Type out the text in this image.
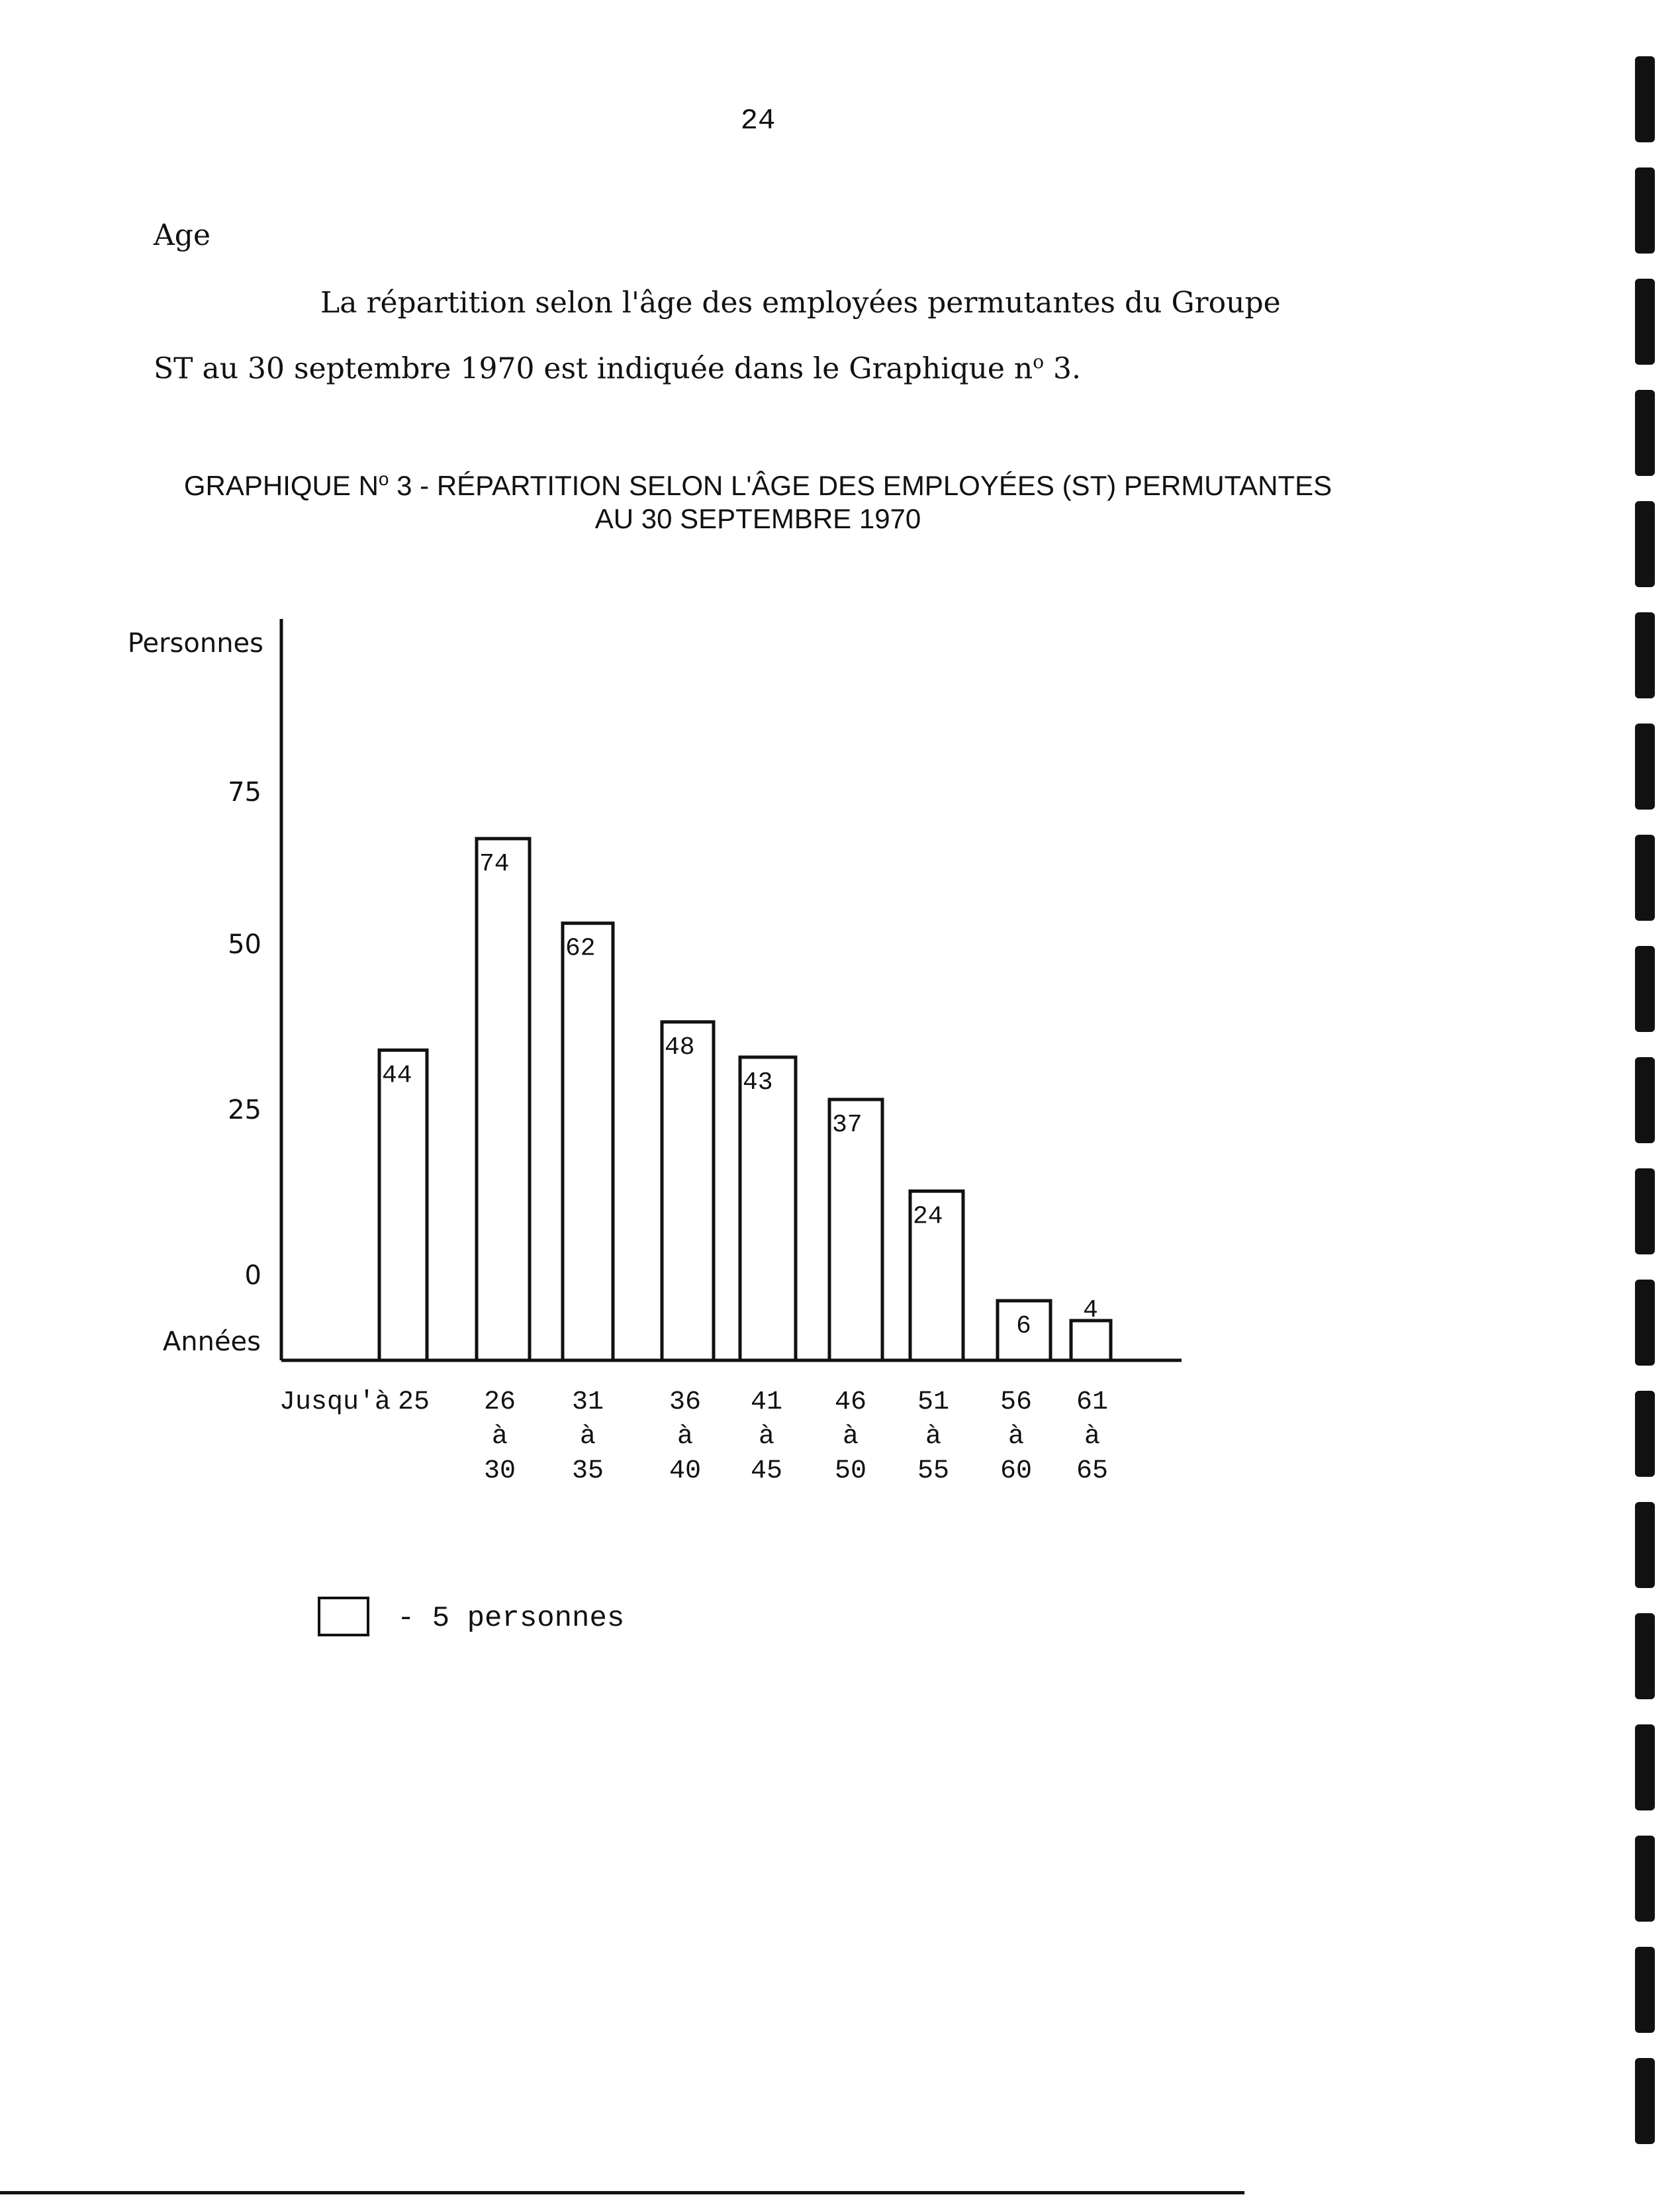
24
Age
La répartition selon l'âge des employées permutantes du Groupe
ST au 30 septembre 1970 est indiquée dans le Graphique $n^o$ 3.
GRAPHIQUE $N^o$ 3 - RÉPARTITION SELON L'ÂGE DES EMPLOYÉES (ST) PERMUTANTES
AU 30 SEPTEMBRE 1970
Personnes
Années
0
25
50
75
44
74
62
48
43
37
24
6
4
Jusqu'à 25 26
à
30
31
à
35
36
à
40
41
à
45
46
à
50
51
à
55
56
à
60
61
à
65
- 5 personnes
